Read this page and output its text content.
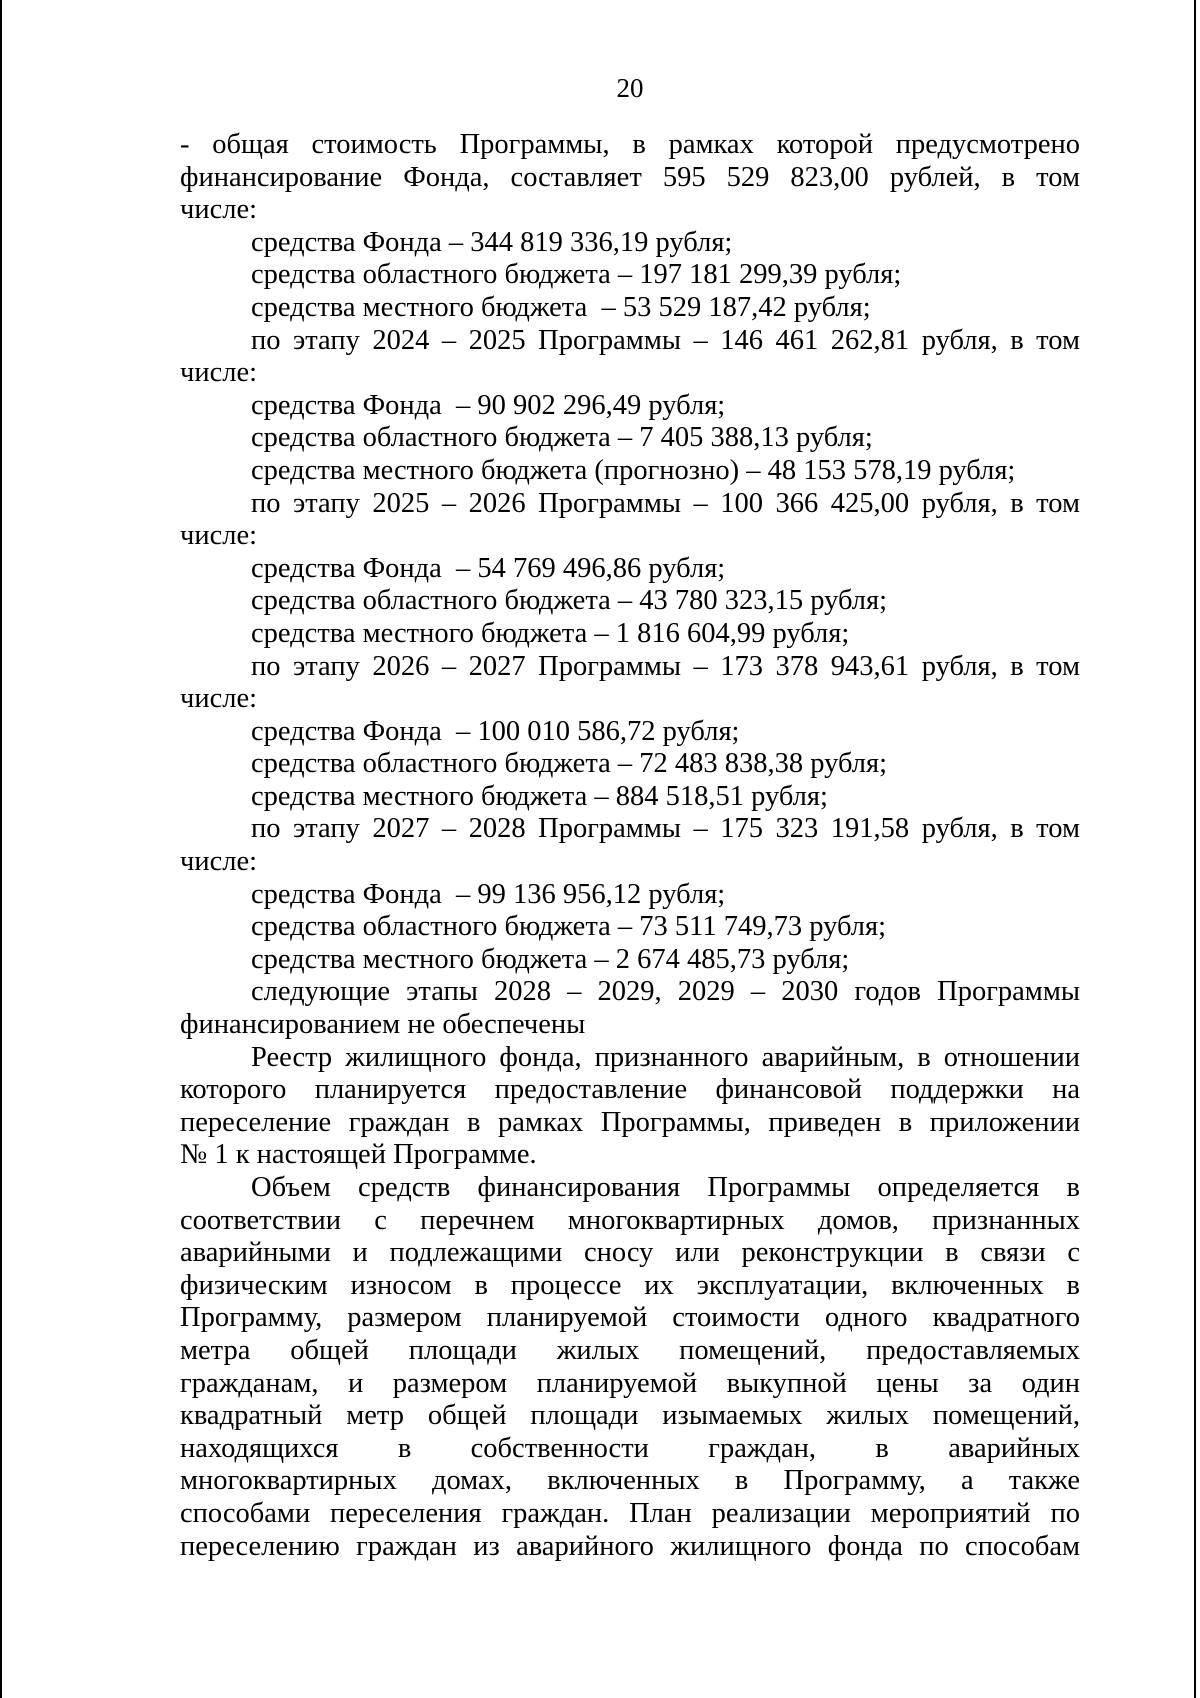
20
- общая стоимость Программы, в рамках которой предусмотрено
финансирование Фонда, составляет 595 529 823,00 рублей, в том
числе:
средства Фонда – 344 819 336,19 рубля;
средства областного бюджета – 197 181 299,39 рубля;
средства местного бюджета  – 53 529 187,42 рубля;
по этапу 2024 – 2025 Программы – 146 461 262,81 рубля, в том
числе:
средства Фонда  – 90 902 296,49 рубля;
средства областного бюджета – 7 405 388,13 рубля;
средства местного бюджета (прогнозно) – 48 153 578,19 рубля;
по этапу 2025 – 2026 Программы – 100 366 425,00 рубля, в том
числе:
средства Фонда  – 54 769 496,86 рубля;
средства областного бюджета – 43 780 323,15 рубля;
средства местного бюджета – 1 816 604,99 рубля;
по этапу 2026 – 2027 Программы – 173 378 943,61 рубля, в том
числе:
средства Фонда  – 100 010 586,72 рубля;
средства областного бюджета – 72 483 838,38 рубля;
средства местного бюджета – 884 518,51 рубля;
по этапу 2027 – 2028 Программы – 175 323 191,58 рубля, в том
числе:
средства Фонда  – 99 136 956,12 рубля;
средства областного бюджета – 73 511 749,73 рубля;
средства местного бюджета – 2 674 485,73 рубля;
следующие этапы 2028 – 2029, 2029 – 2030 годов Программы
финансированием не обеспечены
Реестр жилищного фонда, признанного аварийным, в отношении
которого планируется предоставление финансовой поддержки на
переселение граждан в рамках Программы, приведен в приложении
№ 1 к настоящей Программе.
Объем средств финансирования Программы определяется в
соответствии с перечнем многоквартирных домов, признанных
аварийными и подлежащими сносу или реконструкции в связи с
физическим износом в процессе их эксплуатации, включенных в
Программу, размером планируемой стоимости одного квадратного
метра общей площади жилых помещений, предоставляемых
гражданам, и размером планируемой выкупной цены за один
квадратный метр общей площади изымаемых жилых помещений,
находящихся в собственности граждан, в аварийных
многоквартирных домах, включенных в Программу, а также
способами переселения граждан. План реализации мероприятий по
переселению граждан из аварийного жилищного фонда по способам
